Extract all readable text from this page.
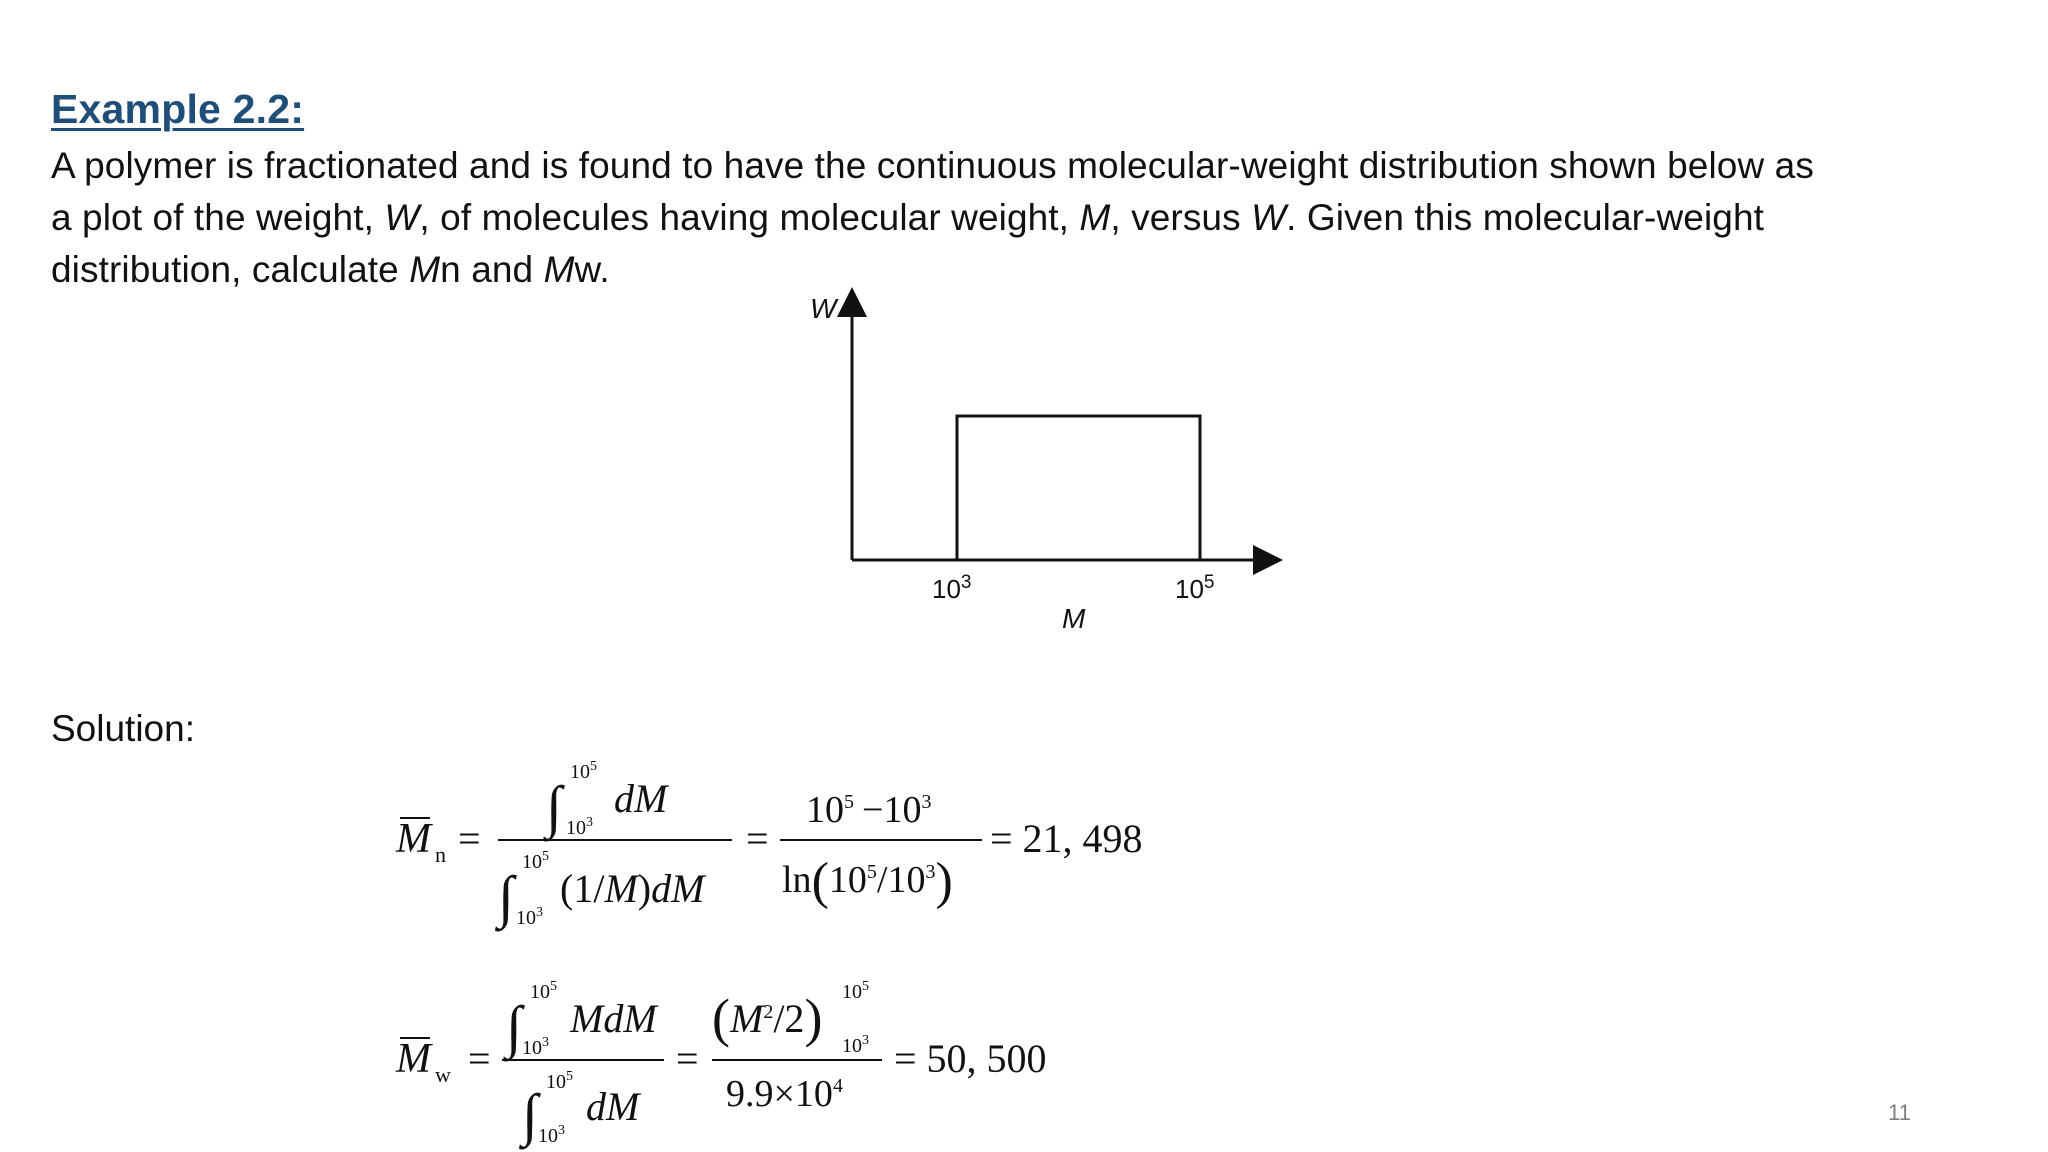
Example 2.2:
A polymer is fractionated and is found to have the continuous molecular-weight distribution shown below as
a plot of the weight, W, of molecules having molecular weight, M, versus W. Given this molecular-weight
distribution, calculate Mn and Mw.
W
M
$10^3$	$10^5$
Solution:
M n = ∫
$10^5$
$10^3$
dM
∫
$10^5$
$10^3$
(1/M)dM
=
$10^5 -10^3$
$\ln(10^5/10^3)$
= 21, 498
M w = ∫
$10^5$
$10^3$
MdM
∫ $10^5$
$10^3$
dM
=
$(M^2/2)$ $10^5$
$10^3$
$9.9\times 10^4$
= 50, 500
11
